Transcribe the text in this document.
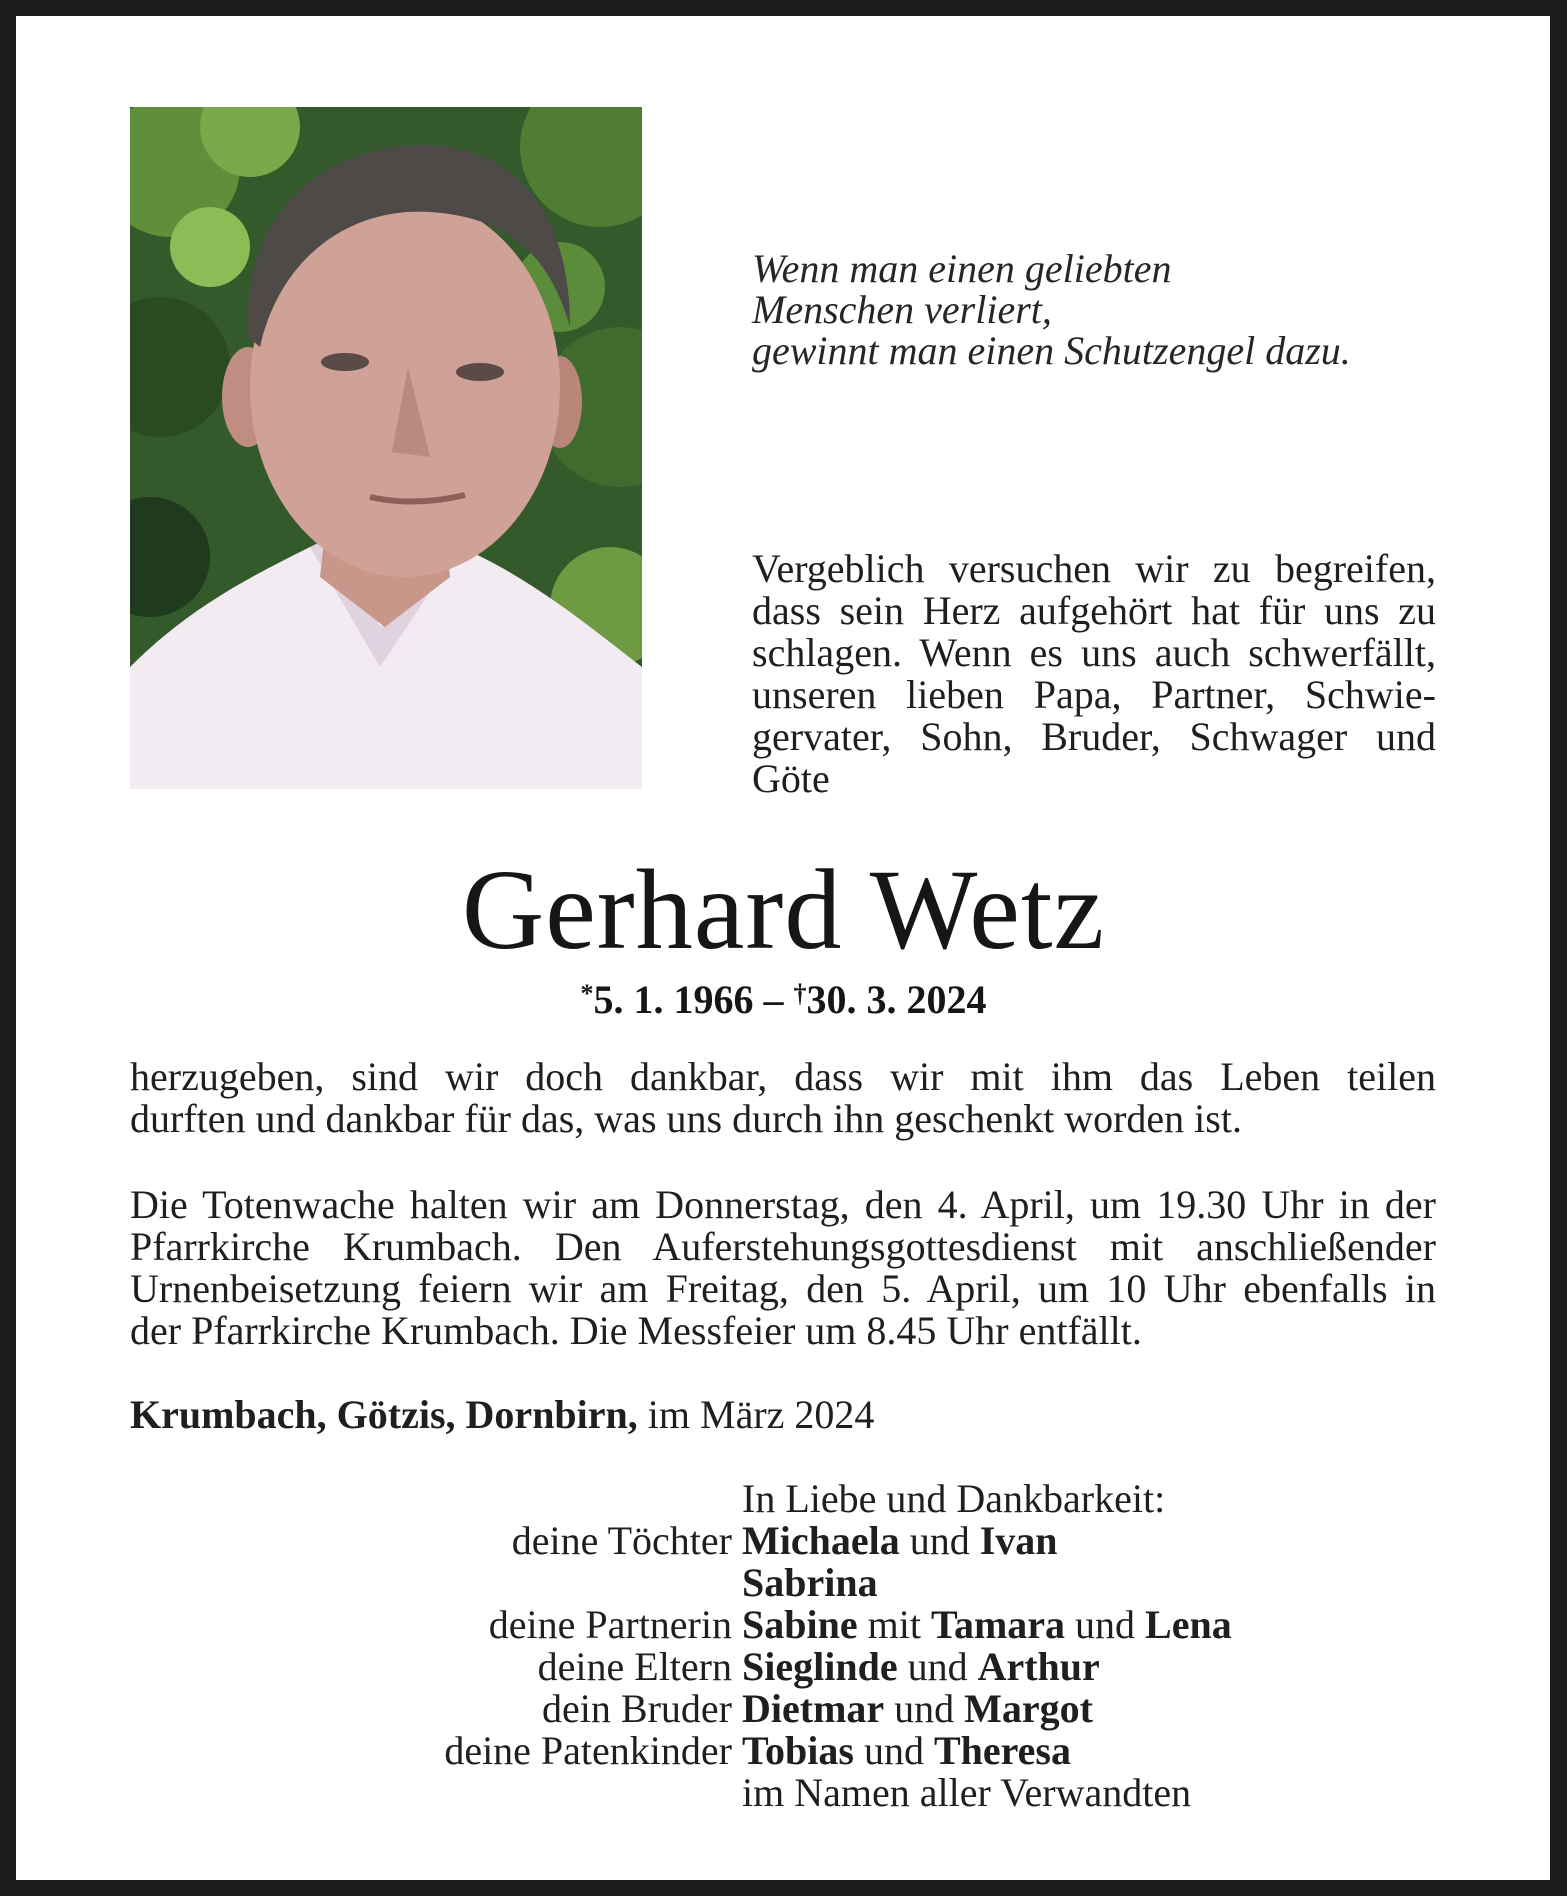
Wenn man einen geliebten
Menschen verliert,
gewinnt man einen Schutzengel dazu.
Vergeblich versuchen wir zu begreifen,
dass sein Herz aufgehört hat für uns zu
schlagen. Wenn es uns auch schwerfällt,
unseren lieben Papa, Partner, Schwie-
gervater, Sohn, Bruder, Schwager und
Göte
Gerhard Wetz
*5. 1. 1966 – †30. 3. 2024
herzugeben, sind wir doch dankbar, dass wir mit ihm das Leben teilen
durften und dankbar für das, was uns durch ihn geschenkt worden ist.
Die Totenwache halten wir am Donnerstag, den 4. April, um 19.30 Uhr in der
Pfarrkirche Krumbach. Den Auferstehungsgottesdienst mit anschließender
Urnenbeisetzung feiern wir am Freitag, den 5. April, um 10 Uhr ebenfalls in
der Pfarrkirche Krumbach. Die Messfeier um 8.45 Uhr entfällt.
Krumbach, Götzis, Dornbirn, im März 2024
In Liebe und Dankbarkeit:
deine Töchter Michaela und Ivan
Sabrina
deine Partnerin Sabine mit Tamara und Lena
deine Eltern Sieglinde und Arthur
dein Bruder Dietmar und Margot
deine Patenkinder Tobias und Theresa
im Namen aller Verwandten
